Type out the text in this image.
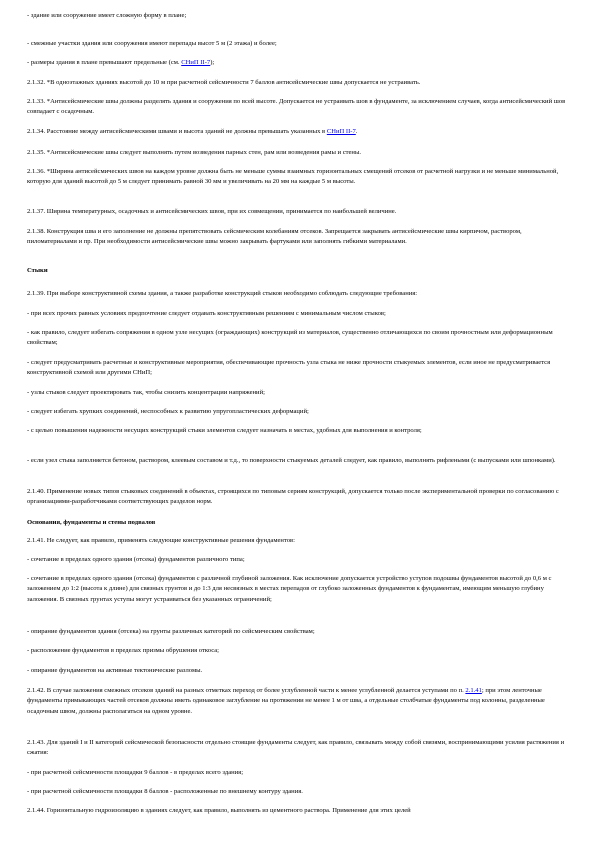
- здание или сооружение имеет сложную форму в плане;

- смежные участки здания или сооружения имеют перепады высот 5 м (2 этажа) и более;

- размеры здания в плане превышают предельные (см. СНиП II-7);

2.1.32. *В одноэтажных зданиях высотой до 10 м при расчетной сейсмичности 7 баллов антисейсмические швы допускается не устраивать.

2.1.33. *Антисейсмические швы должны разделять здания и сооружения по всей высоте. Допускается не устраивать шов в фундаменте, за исключением случаев, когда антисейсмический шов совпадает с осадочным.

2.1.34. Расстояние между антисейсмическими швами и высота зданий не должны превышать указанных в СНиП II-7.

2.1.35. *Антисейсмические швы следует выполнять путем возведения парных стен, рам или возведения рамы и стены.

2.1.36. *Ширина антисейсмических швов на каждом уровне должна быть не меньше суммы взаимных горизонтальных смещений отсеков от расчетной нагрузки и не меньше минимальной, которую для зданий высотой до 5 м следует принимать равной 30 мм и увеличивать на 20 мм на каждые 5 м высоты.

2.1.37. Ширина температурных, осадочных и антисейсмических швов, при их совмещении, принимается по наибольшей величине.

2.1.38. Конструкция шва и его заполнение не должны препятствовать сейсмическим колебаниям отсеков. Запрещается закрывать антисейсмические швы кирпичом, раствором, пиломатериалами и пр. При необходимости антисейсмические швы можно закрывать фартуками или заполнять гибкими материалами.

Стыки

2.1.39. При выборе конструктивной схемы здания, а также разработке конструкций стыков необходимо соблюдать следующие требования:

- при всех прочих равных условиях предпочтение следует отдавать конструктивным решениям с минимальным числом стыков;

- как правило, следует избегать сопряжения в одном узле несущих (ограждающих) конструкций из материалов, существенно отличающихся по своим прочностным или деформационным свойствам;

- следует предусматривать расчетные и конструктивные мероприятия, обеспечивающие прочность узла стыка не ниже прочности стыкуемых элементов, если иное не предусматривается конструктивной схемой или другими СНиП;

- узлы стыков следует проектировать так, чтобы снизить концентрации напряжений;

- следует избегать хрупких соединений, неспособных к развитию упругопластических деформаций;

- с целью повышения надежности несущих конструкций стыки элементов следует назначать в местах, удобных для выполнения и контроля;

- если узел стыка заполняется бетоном, раствором, клеевым составом и т.д., то поверхности стыкуемых деталей следует, как правило, выполнять рифлеными (с выпусками или шпонками).

2.1.40. Применение новых типов стыковых соединений в объектах, строящихся по типовым сериям конструкций, допускается только после экспериментальной проверки по согласованию с организациями-разработчиками соответствующих разделов норм.

Основания, фундаменты и стены подвалов

2.1.41. Не следует, как правило, применять следующие конструктивные решения фундаментов:

- сочетание в пределах одного здания (отсека) фундаментов различного типа;

- сочетание в пределах одного здания (отсека) фундаментов с различной глубиной заложения. Как исключение допускается устройство уступов подошвы фундаментов высотой до 0,6 м с заложением до 1:2 (высота к длине) для связных грунтов и до 1:3 для несвязных в местах перепадов от глубоко заложенных фундаментов к фундаментам, имеющим меньшую глубину заложения. В связных грунтах уступы могут устраиваться без указанных ограничений;

- опирание фундаментов здания (отсека) на грунты различных категорий по сейсмическим свойствам;

- расположение фундаментов в пределах призмы обрушения откоса;

- опирание фундаментов на активные тектонические разломы.

2.1.42. В случае заложения смежных отсеков зданий на разных отметках переход от более углубленной части к менее углубленной делается уступами по п. 2.1.41; при этом ленточные фундаменты примыкающих частей отсеков должны иметь одинаковое заглубление на протяжении не менее 1 м от шва, а отдельные столбчатые фундаменты под колонны, разделенные осадочным швом, должны располагаться на одном уровне.

2.1.43. Для зданий I и II категорий сейсмической безопасности отдельно стоящие фундаменты следует, как правило, связывать между собой связями, воспринимающими усилия растяжения и сжатия:

- при расчетной сейсмичности площадки 9 баллов - в пределах всего здания;

- при расчетной сейсмичности площадки 8 баллов - расположенные по внешнему контуру здания.

2.1.44. Горизонтальную гидроизоляцию в зданиях следует, как правило, выполнять из цементного раствора. Применение для этих целей
